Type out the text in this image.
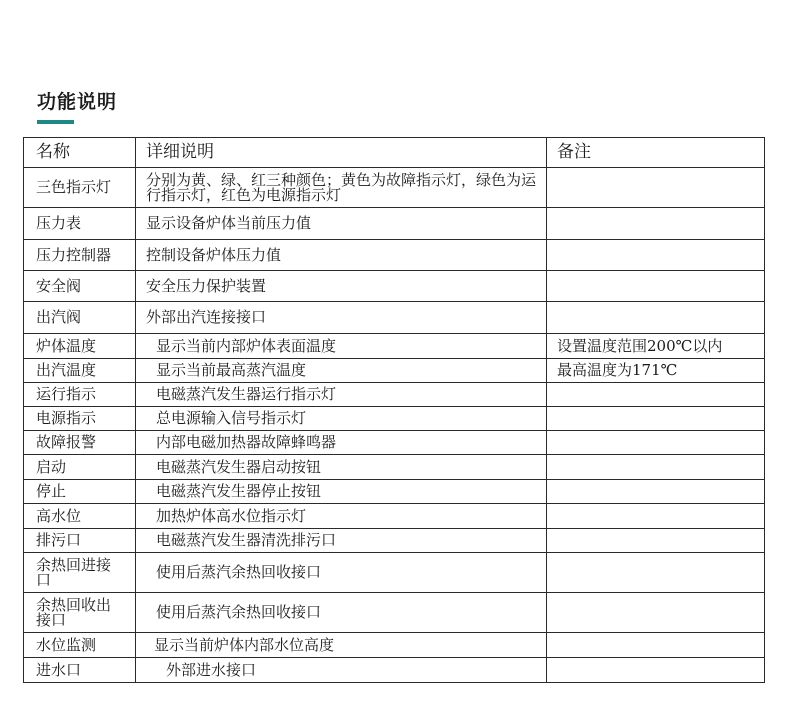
功能说明
名称	详细说明	备注
三色指示灯	分别为黄、绿、红三种颜色；黄色为故障指示灯，绿色为运行指示灯，红色为电源指示灯	
压力表	显示设备炉体当前压力值	
压力控制器	控制设备炉体压力值	
安全阀	安全压力保护装置	
出汽阀	外部出汽连接接口	
炉体温度	显示当前内部炉体表面温度	设置温度范围200℃以内
出汽温度	显示当前最高蒸汽温度	最高温度为171℃
运行指示	电磁蒸汽发生器运行指示灯	
电源指示	总电源输入信号指示灯	
故障报警	内部电磁加热器故障蜂鸣器	
启动	电磁蒸汽发生器启动按钮	
停止	电磁蒸汽发生器停止按钮	
高水位	加热炉体高水位指示灯	
排污口	电磁蒸汽发生器清洗排污口	
余热回进接口	使用后蒸汽余热回收接口	
余热回收出接口	使用后蒸汽余热回收接口	
水位监测	显示当前炉体内部水位高度	
进水口	外部进水接口	
